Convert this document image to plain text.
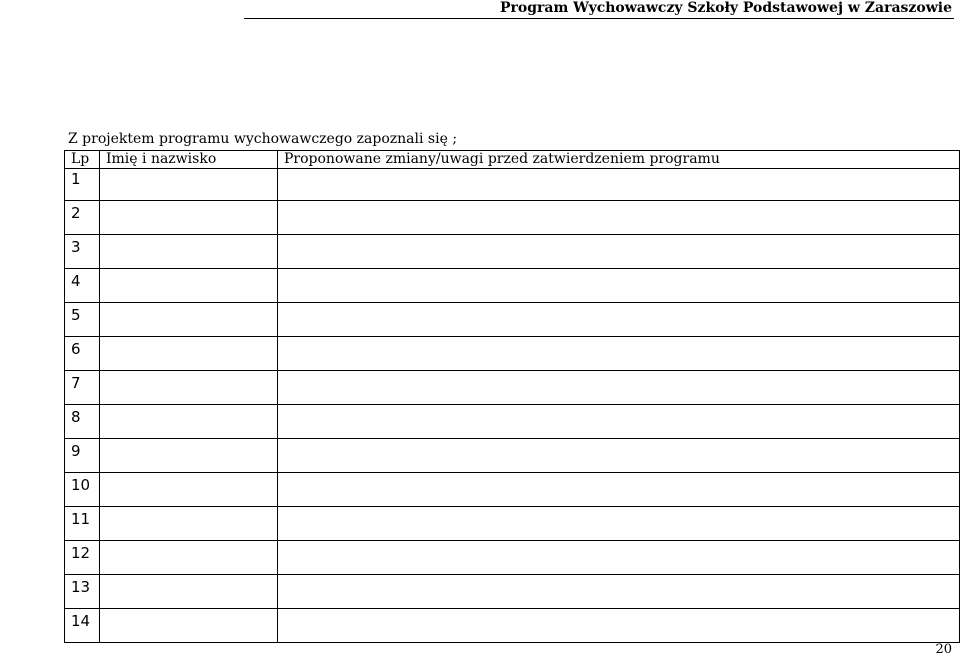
Program Wychowawczy Szkoły Podstawowej w Zaraszowie
Z projektem programu wychowawczego zapoznali się ;
Lp	Imię i nazwisko	Proponowane zmiany/uwagi przed zatwierdzeniem programu
1		
2		
3		
4		
5		
6		
7		
8		
9		
10		
11		
12		
13		
14		
20
